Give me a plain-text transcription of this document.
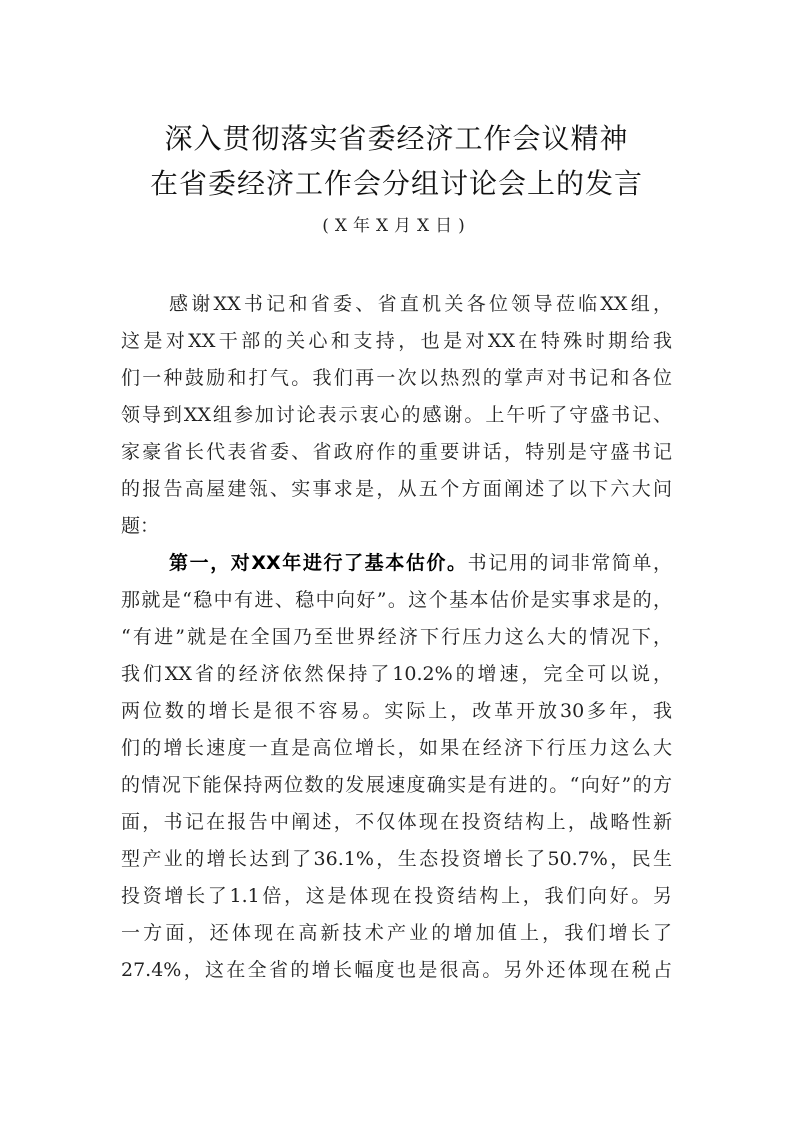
深入贯彻落实省委经济工作会议精神
在省委经济工作会分组讨论会上的发言
(X年X月X日)
感谢XX书记和省委、省直机关各位领导莅临XX组，
这是对XX干部的关心和支持，也是对XX在特殊时期给我
们一种鼓励和打气。我们再一次以热烈的掌声对书记和各位
领导到XX组参加讨论表示衷心的感谢。上午听了守盛书记、
家豪省长代表省委、省政府作的重要讲话，特别是守盛书记
的报告高屋建瓴、实事求是，从五个方面阐述了以下六大问
题：
第一，对XX年进行了基本估价。书记用的词非常简单，
那就是“稳中有进、稳中向好”。这个基本估价是实事求是的，
“有进”就是在全国乃至世界经济下行压力这么大的情况下，
我们XX省的经济依然保持了10.2%的增速，完全可以说，
两位数的增长是很不容易。实际上，改革开放30多年，我
们的增长速度一直是高位增长，如果在经济下行压力这么大
的情况下能保持两位数的发展速度确实是有进的。“向好”的方
面，书记在报告中阐述，不仅体现在投资结构上，战略性新
型产业的增长达到了36.1%，生态投资增长了50.7%，民生
投资增长了1.1倍，这是体现在投资结构上，我们向好。另
一方面，还体现在高新技术产业的增加值上，我们增长了
27.4%，这在全省的增长幅度也是很高。另外还体现在税占
